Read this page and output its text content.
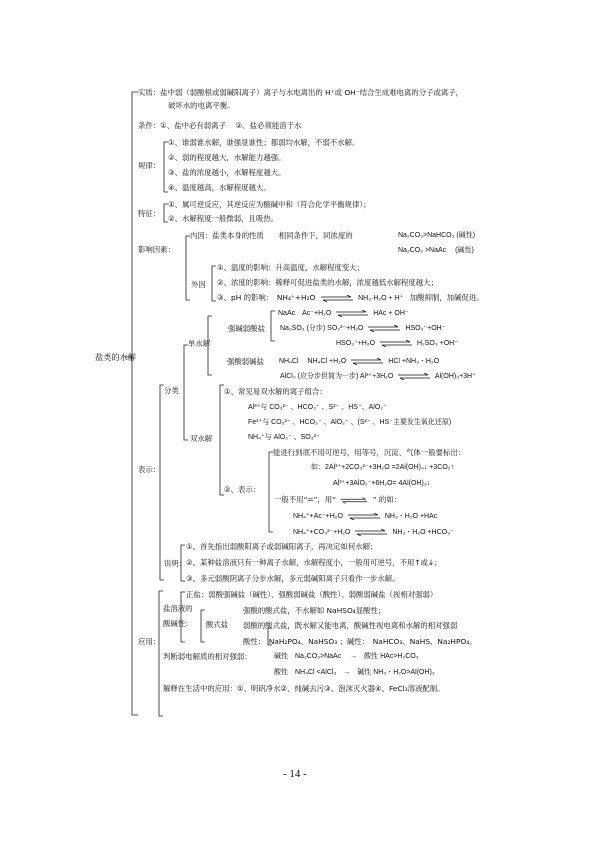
盐类的水解
实质：盐中弱（弱酸根或弱碱阳离子）离子与水电离出的 H⁺或 OH⁻结合生成难电离的分子或离子，
破坏水的电离平衡。
条件：①、盐中必有弱离子　 ②、盐必须能溶于水
规律：
①、谁弱谁水解，谁强显谁性；都弱均水解，不弱不水解。
②、弱的程度越大，水解能力越强。
③、盐的浓度越小，水解程度越大。
④、温度越高，水解程度越大。
特征：
①、属可逆反应，其逆反应为酸碱中和（符合化学平衡规律）；
②、水解程度一般微弱，且吸热。
影响因素：
内因：盐类本身的性质　　相同条件下，同浓度的	Na₂CO₃>NaHCO₃ (碱性)
Na₂CO₃ >NaAc　 (碱性)
外因
①、温度的影响：升高温度，水解程度变大；
②、浓度的影响：稀释可促进盐类的水解，浓度越低水解程度越大；
③、pH 的影响：　NH₄⁺+H₂O	NH₃·H₂O + H⁺ 加酸抑制，加碱促进。
表示：
分类
单水解
强碱弱酸盐
强酸弱碱盐
NaAc　Ac⁻+H₂O	HAc + OH⁻
Na₂SO₃ (分步) SO₃²⁻+H₂O	HSO₃⁻+OH⁻
HSO₃⁻+H₂O	H₂SO₃ +OH⁻
NH₄Cl　 NH₄Cl +H₂O	HCl +NH₃・H₂O
AlCl₃ (应分步但简为一步) Al³⁺+3H₂O	Al(OH)₃+3H⁺
双水解
①、常见易双水解的离子组合：
Al³⁺与 CO₃²⁻ 、HCO₃⁻ 、S²⁻ 、HS⁻、AlO₂⁻
Fe³⁺与 CO₃²⁻ 、HCO₃⁻ 、AlO₂⁻ 、(S²⁻ 、HS⁻主要发生氧化还原)
NH₄⁺与 AlO₂⁻ 、SO₃²⁻
②、表示：
能进行到底不用可逆号，用等号，沉淀、气体一般要标出：
如：2Al³⁺+2CO₃²⁻+3H₂O =2Al(OH)₃↓ +3CO₂↑
Al³⁺+3AlO₂⁻+6H₂O= 4Al(OH)₃↓
一般不用“=”，用“ ⇌ ” 的如：
NH₄⁺+Ac⁻+H₂O	NH₃・H₂O +HAc
NH₄⁺+CO₃²⁻+H₂O	NH₃・H₂O +HCO₃⁻
说明：
①、首先指出弱酸阳离子或弱碱阳离子，再决定如何水解；
②、某种盐溶液只有一种离子水解，水解程度小，一般用可逆号，不用↑或↓；
③、多元弱酸阴离子分步水解，多元弱碱阳离子只看作一步水解。
应用：
盐溶液的
酸碱性：
正盐：弱酸强碱盐（碱性）、强酸弱碱盐（酸性）、弱酸弱碱盐（视相对强弱）
酸式盐
强酸的酸式盐，不水解如 NaHSO₄显酸性；
弱酸的酸式盐，既水解又能电离，酸碱性视电离和水解的相对强弱
酸性：　NaH₂PO₄、NaHSO₃ ；碱性：　NaHCO₃、NaHS、Na₂HPO₄。
判断弱电解质的相对强弱：	碱性　Na₂CO₃>NaAc　 →　酸性 HAc>H₂CO₃
酸性　NH₄Cl <AlCl₃　→　碱性 NH₃・H₂O>Al(OH)₃
解释在生活中的应用：①、明矾净水②、纯碱去污③、泡沫灭火器④、FeCl₃溶液配制。
- 14 -
